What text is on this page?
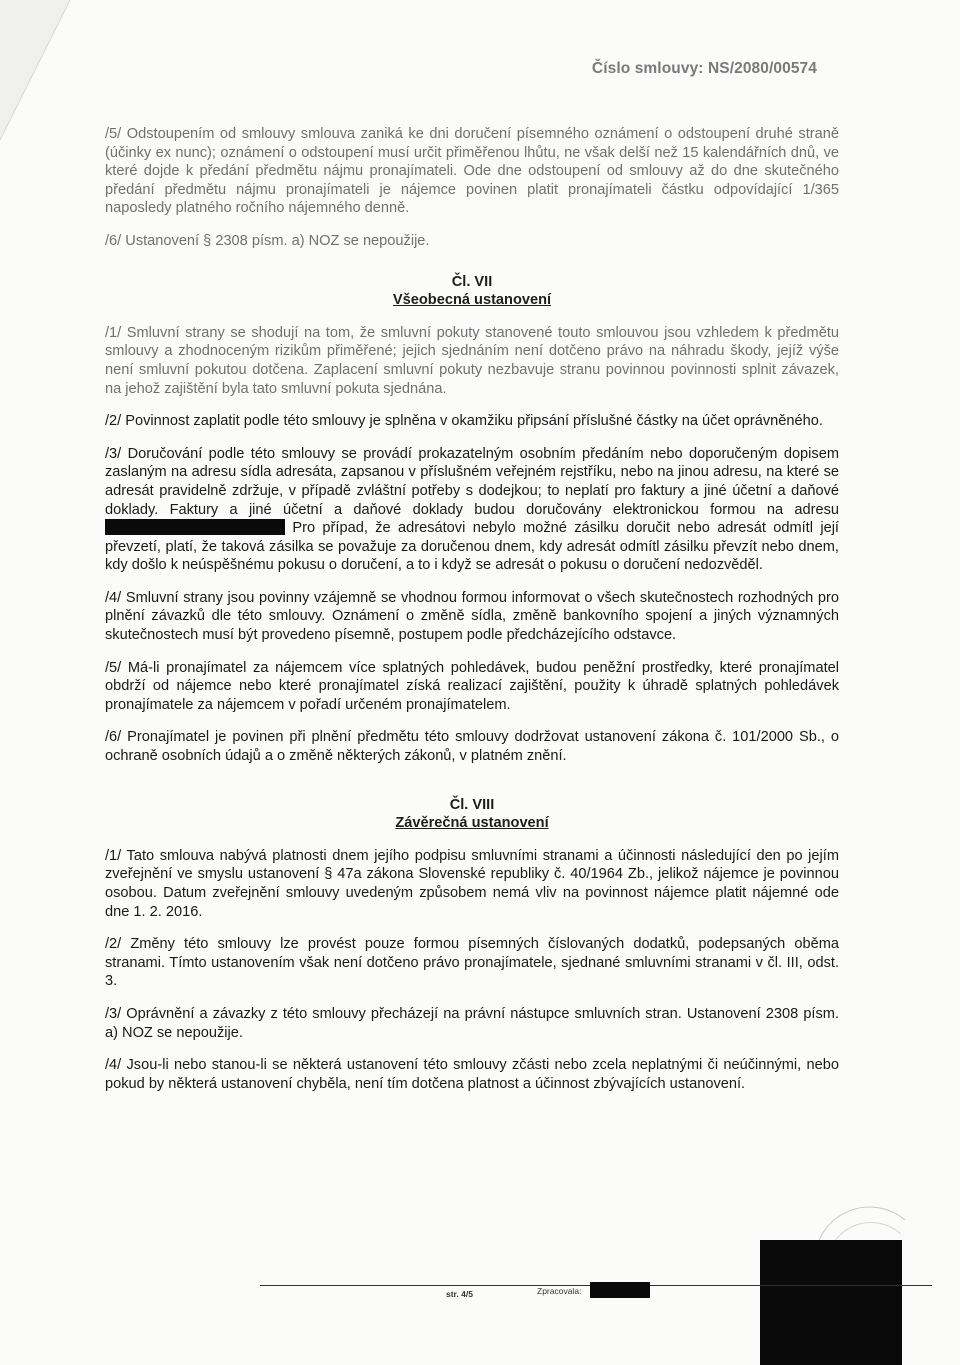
Číslo smlouvy: NS/2080/00574

/5/ Odstoupením od smlouvy smlouva zaniká ke dni doručení písemného oznámení o odstoupení druhé straně (účinky ex nunc); oznámení o odstoupení musí určit přiměřenou lhůtu, ne však delší než 15 kalendářních dnů, ve které dojde k předání předmětu nájmu pronajímateli. Ode dne odstoupení od smlouvy až do dne skutečného předání předmětu nájmu pronajímateli je nájemce povinen platit pronajímateli částku odpovídající 1/365 naposledy platného ročního nájemného denně.

/6/ Ustanovení § 2308 písm. a) NOZ se nepoužije.

Čl. VII
Všeobecná ustanovení

/1/ Smluvní strany se shodují na tom, že smluvní pokuty stanovené touto smlouvou jsou vzhledem k předmětu smlouvy a zhodnoceným rizikům přiměřené; jejich sjednáním není dotčeno právo na náhradu škody, jejíž výše není smluvní pokutou dotčena. Zaplacení smluvní pokuty nezbavuje stranu povinnou povinnosti splnit závazek, na jehož zajištění byla tato smluvní pokuta sjednána.

/2/ Povinnost zaplatit podle této smlouvy je splněna v okamžiku připsání příslušné částky na účet oprávněného.

/3/ Doručování podle této smlouvy se provádí prokazatelným osobním předáním nebo doporučeným dopisem zaslaným na adresu sídla adresáta, zapsanou v příslušném veřejném rejstříku, nebo na jinou adresu, na které se adresát pravidelně zdržuje, v případě zvláštní potřeby s dodejkou; to neplatí pro faktury a jiné účetní a daňové doklady. Faktury a jiné účetní a daňové doklady budou doručovány elektronickou formou na adresu Pro případ, že adresátovi nebylo možné zásilku doručit nebo adresát odmítl její převzetí, platí, že taková zásilka se považuje za doručenou dnem, kdy adresát odmítl zásilku převzít nebo dnem, kdy došlo k neúspěšnému pokusu o doručení, a to i když se adresát o pokusu o doručení nedozvěděl.

/4/ Smluvní strany jsou povinny vzájemně se vhodnou formou informovat o všech skutečnostech rozhodných pro plnění závazků dle této smlouvy. Oznámení o změně sídla, změně bankovního spojení a jiných významných skutečnostech musí být provedeno písemně, postupem podle předcházejícího odstavce.

/5/ Má-li pronajímatel za nájemcem více splatných pohledávek, budou peněžní prostředky, které pronajímatel obdrží od nájemce nebo které pronajímatel získá realizací zajištění, použity k úhradě splatných pohledávek pronajímatele za nájemcem v pořadí určeném pronajímatelem.

/6/ Pronajímatel je povinen při plnění předmětu této smlouvy dodržovat ustanovení zákona č. 101/2000 Sb., o ochraně osobních údajů a o změně některých zákonů, v platném znění.

Čl. VIII
Závěrečná ustanovení

/1/ Tato smlouva nabývá platnosti dnem jejího podpisu smluvními stranami a účinnosti následující den po jejím zveřejnění ve smyslu ustanovení § 47a zákona Slovenské republiky č. 40/1964 Zb., jelikož nájemce je povinnou osobou. Datum zveřejnění smlouvy uvedeným způsobem nemá vliv na povinnost nájemce platit nájemné ode dne 1. 2. 2016.

/2/ Změny této smlouvy lze provést pouze formou písemných číslovaných dodatků, podepsaných oběma stranami. Tímto ustanovením však není dotčeno právo pronajímatele, sjednané smluvními stranami v čl. III, odst. 3.

/3/ Oprávnění a závazky z této smlouvy přecházejí na právní nástupce smluvních stran. Ustanovení 2308 písm. a) NOZ se nepoužije.

/4/ Jsou-li nebo stanou-li se některá ustanovení této smlouvy zčásti nebo zcela neplatnými či neúčinnými, nebo pokud by některá ustanovení chyběla, není tím dotčena platnost a účinnost zbývajících ustanovení.

str. 4/5	Zpracovala:
